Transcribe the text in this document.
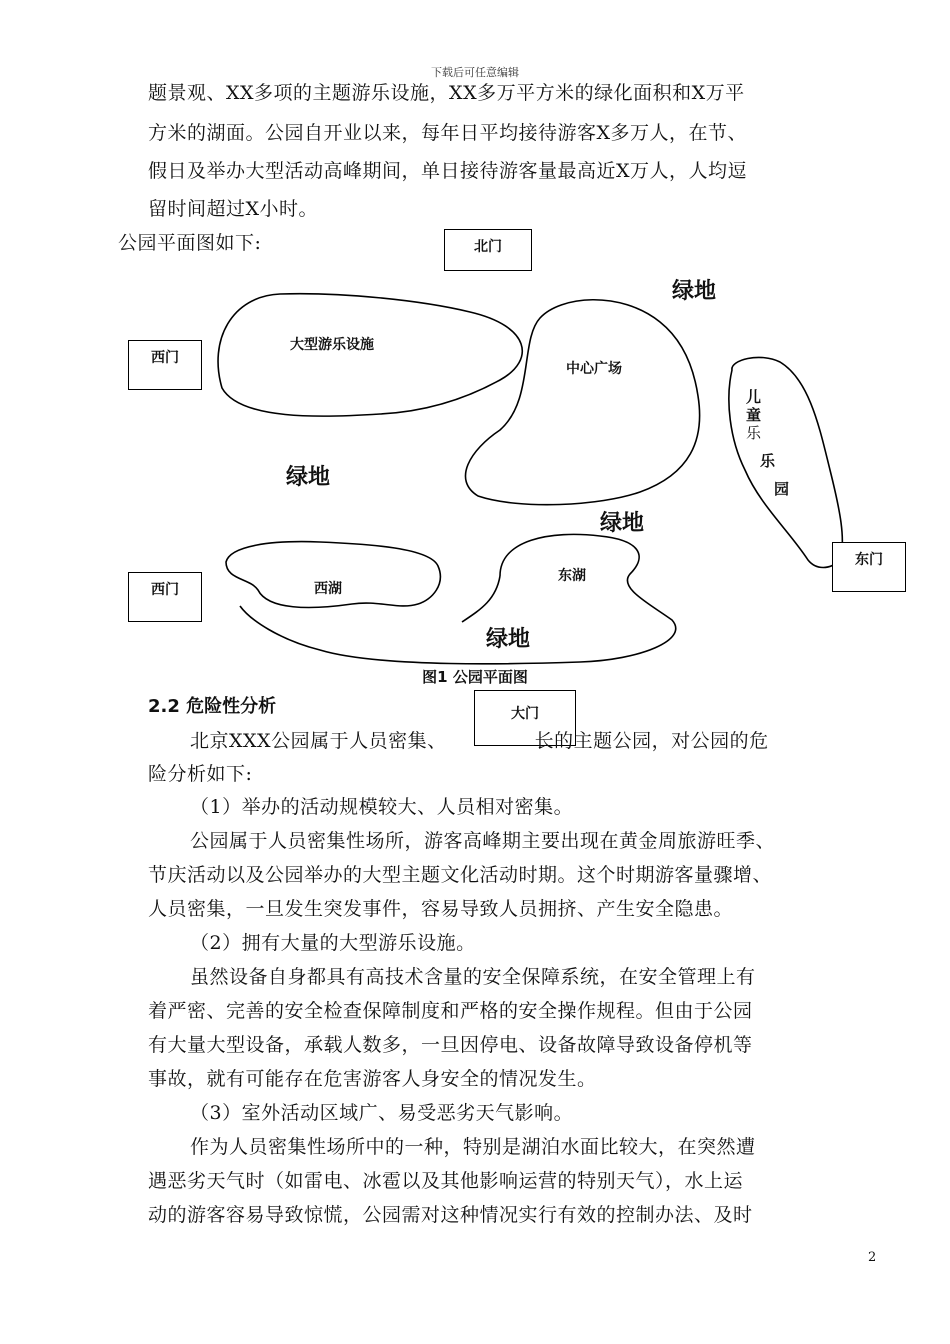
下载后可任意编辑
题景观、XX多项的主题游乐设施，XX多万平方米的绿化面积和X万平
方米的湖面。公园自开业以来，每年日平均接待游客X多万人，在节、
假日及举办大型活动高峰期间，单日接待游客量最高近X万人，人均逗
留时间超过X小时。
公园平面图如下:	北门
西门
西门
东门
大门
大型游乐设施
中心广场
西湖
东湖
儿
童
乐
乐
园
绿地
绿地
绿地
绿地
图1 公园平面图
2.2 危险性分析
北京XXX公园属于人员密集、　　　　　长的主题公园，对公园的危
险分析如下:
（1）举办的活动规模较大、人员相对密集。
公园属于人员密集性场所，游客高峰期主要出现在黄金周旅游旺季、
节庆活动以及公园举办的大型主题文化活动时期。这个时期游客量骤增、
人员密集，一旦发生突发事件，容易导致人员拥挤、产生安全隐患。
（2）拥有大量的大型游乐设施。
虽然设备自身都具有高技术含量的安全保障系统，在安全管理上有
着严密、完善的安全检查保障制度和严格的安全操作规程。但由于公园
有大量大型设备，承载人数多，一旦因停电、设备故障导致设备停机等
事故，就有可能存在危害游客人身安全的情况发生。
（3）室外活动区域广、易受恶劣天气影响。
作为人员密集性场所中的一种，特别是湖泊水面比较大，在突然遭
遇恶劣天气时（如雷电、冰雹以及其他影响运营的特别天气），水上运
动的游客容易导致惊慌，公园需对这种情况实行有效的控制办法、及时
2
